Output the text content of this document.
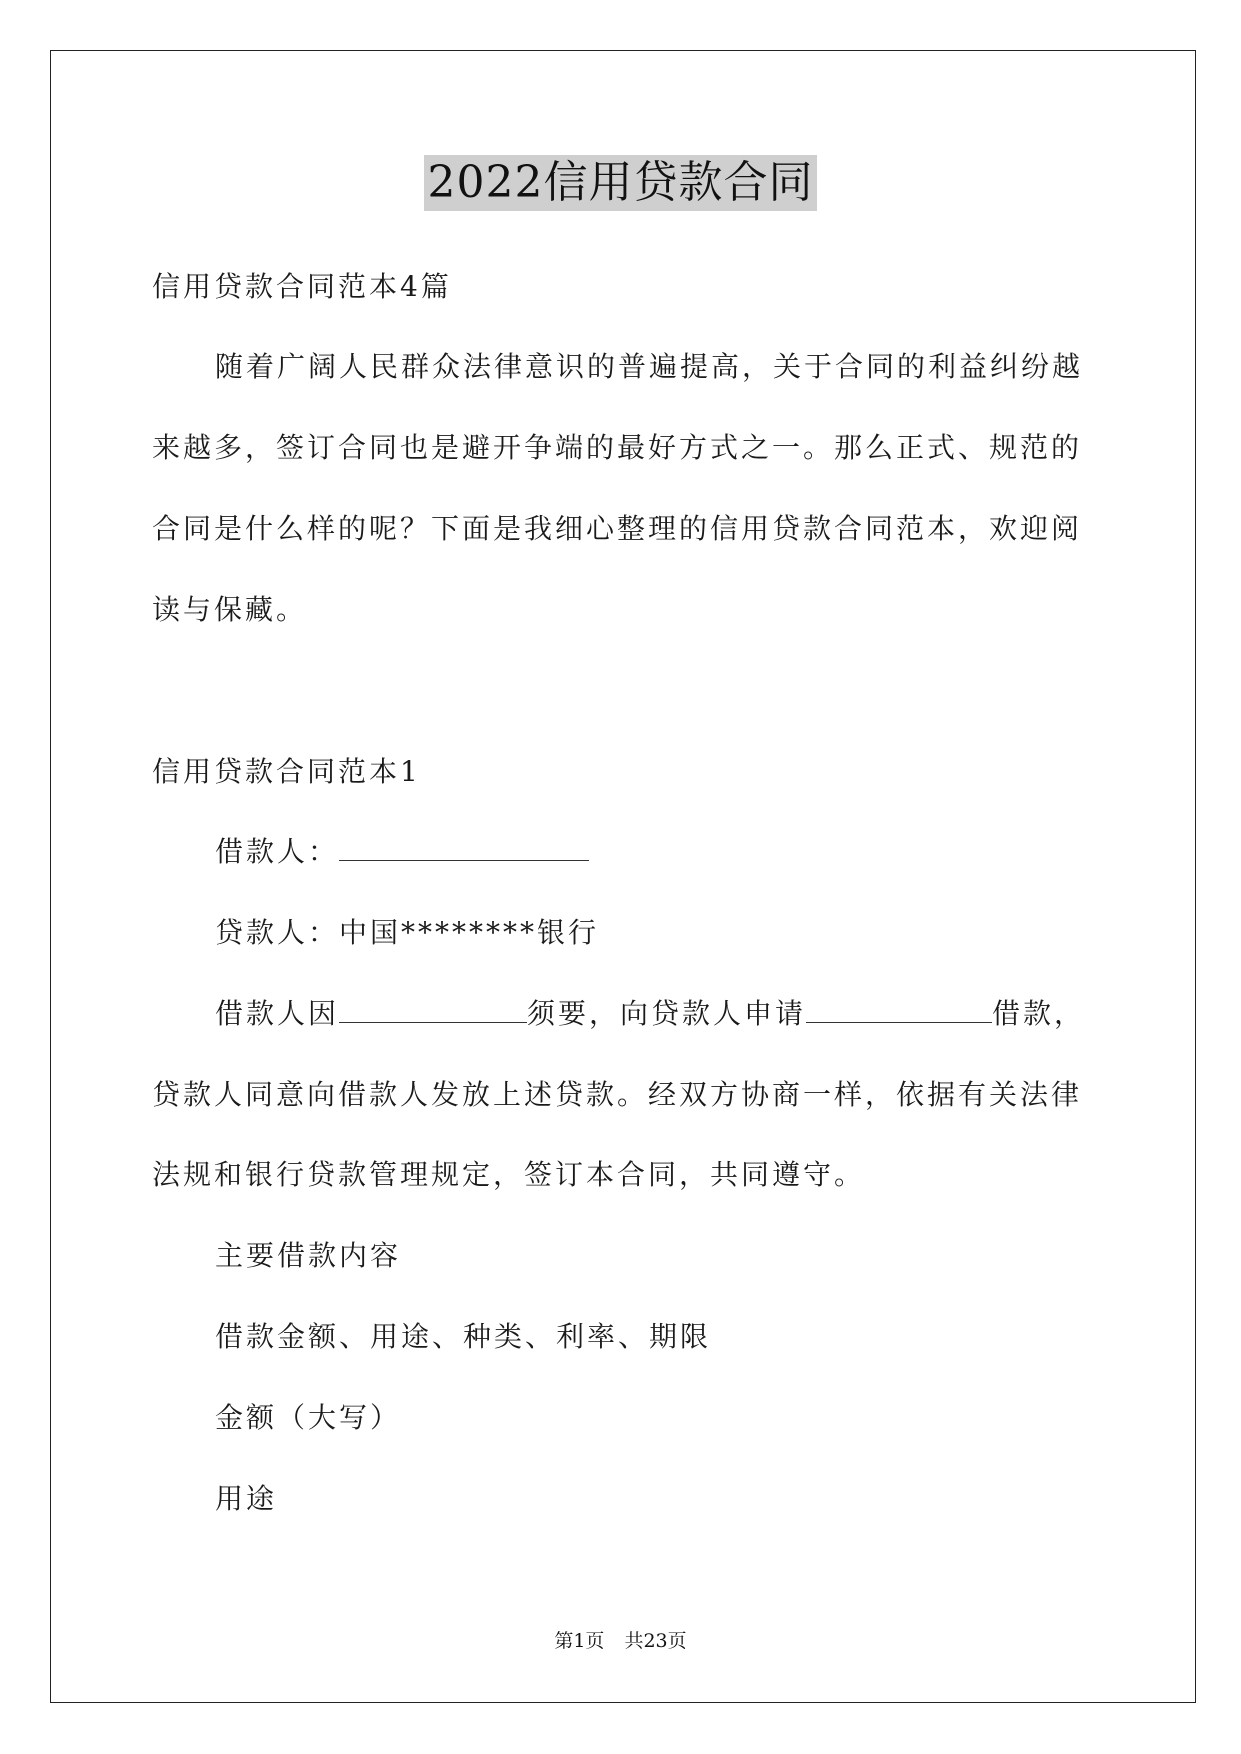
2022信用贷款合同
信用贷款合同范本4篇
随着广阔人民群众法律意识的普遍提高，关于合同的利益纠纷越
来越多，签订合同也是避开争端的最好方式之一。那么正式、规范的
合同是什么样的呢？下面是我细心整理的信用贷款合同范本，欢迎阅
读与保藏。
信用贷款合同范本1
借款人：
贷款人：中国********银行
借款人因	须要，向贷款人申请	借款，
贷款人同意向借款人发放上述贷款。经双方协商一样，依据有关法律
法规和银行贷款管理规定，签订本合同，共同遵守。
主要借款内容
借款金额、用途、种类、利率、期限
金额（大写）
用途
第1页 共23页
